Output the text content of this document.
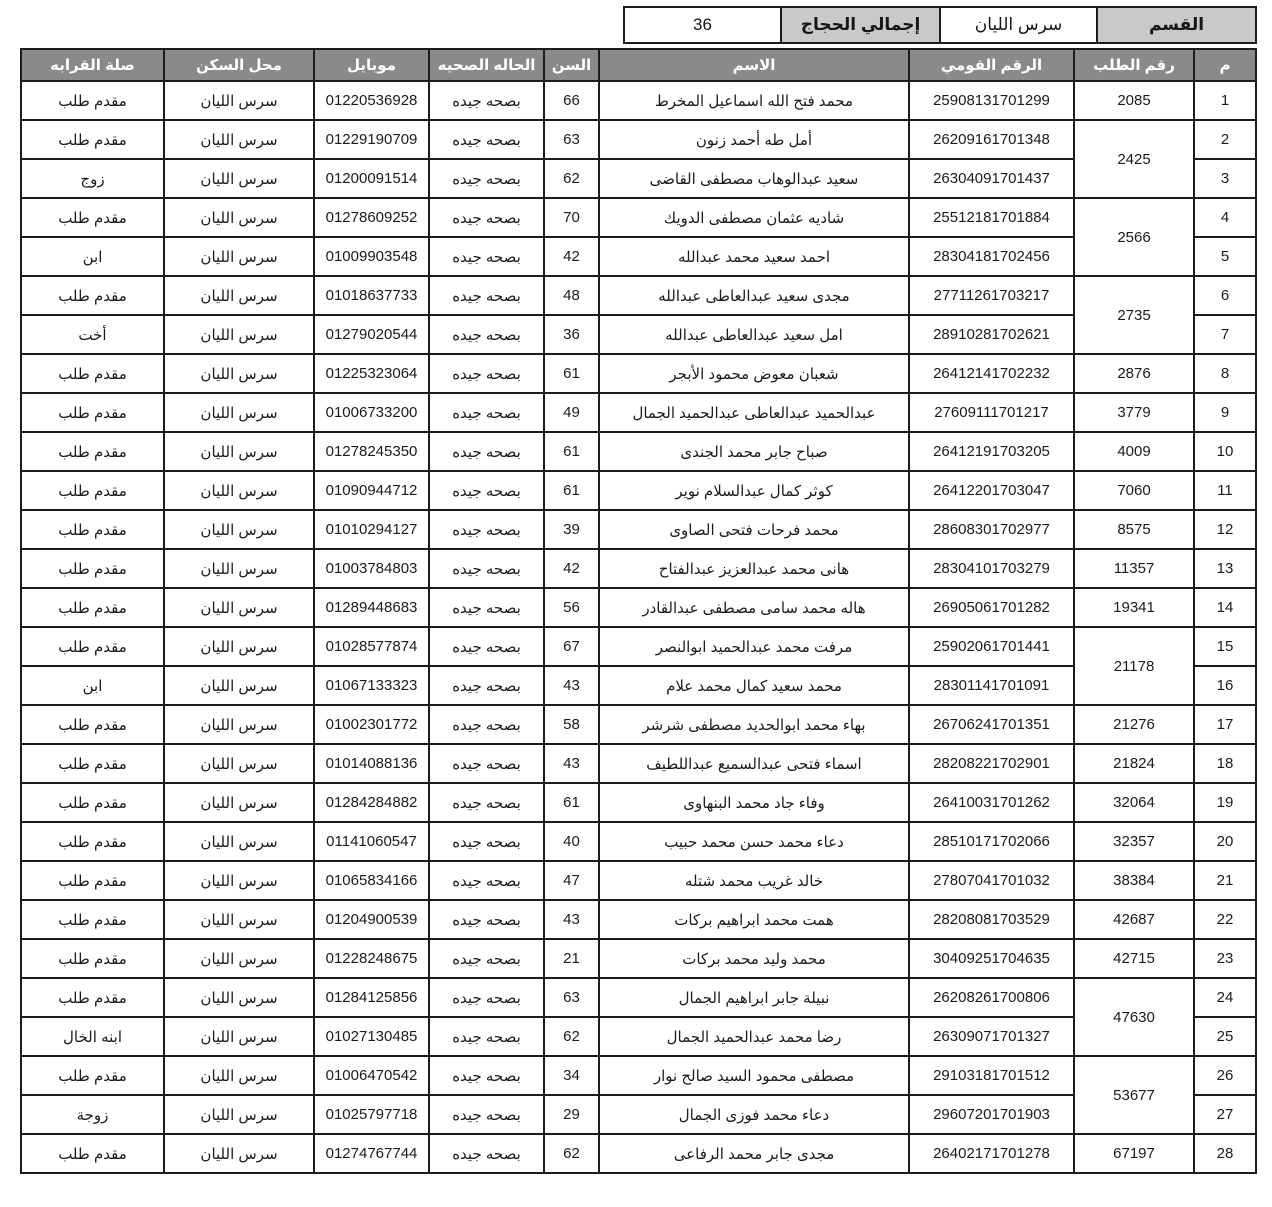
القسم
سرس الليان
إجمالي الحجاج
36
م	رقم الطلب	الرقم القومي	الاسم	السن	الحاله الصحيه	موبايل	محل السكن	صلة القرابه
1	2085	25908131701299	محمد فتح الله اسماعيل المخرط	66	بصحه جيده	01220536928	سرس الليان	مقدم طلب
2	2425	26209161701348	أمل طه أحمد زنون	63	بصحه جيده	01229190709	سرس الليان	مقدم طلب
3		26304091701437	سعيد عبدالوهاب مصطفى القاضى	62	بصحه جيده	01200091514	سرس الليان	زوج
4	2566	25512181701884	شاديه عثمان مصطفى الدويك	70	بصحه جيده	01278609252	سرس الليان	مقدم طلب
5		28304181702456	احمد سعيد محمد عبدالله	42	بصحه جيده	01009903548	سرس الليان	ابن
6	2735	27711261703217	مجدى سعيد عبدالعاطى عبدالله	48	بصحه جيده	01018637733	سرس الليان	مقدم طلب
7		28910281702621	امل سعيد عبدالعاطى عبدالله	36	بصحه جيده	01279020544	سرس الليان	أخت
8	2876	26412141702232	شعبان معوض محمود الأبجر	61	بصحه جيده	01225323064	سرس الليان	مقدم طلب
9	3779	27609111701217	عبدالحميد عبدالعاطى عبدالحميد الجمال	49	بصحه جيده	01006733200	سرس الليان	مقدم طلب
10	4009	26412191703205	صباح جابر محمد الجندى	61	بصحه جيده	01278245350	سرس الليان	مقدم طلب
11	7060	26412201703047	كوثر كمال عبدالسلام نوير	61	بصحه جيده	01090944712	سرس الليان	مقدم طلب
12	8575	28608301702977	محمد فرحات فتحى الصاوى	39	بصحه جيده	01010294127	سرس الليان	مقدم طلب
13	11357	28304101703279	هانى محمد عبدالعزيز عبدالفتاح	42	بصحه جيده	01003784803	سرس الليان	مقدم طلب
14	19341	26905061701282	هاله محمد سامى مصطفى عبدالقادر	56	بصحه جيده	01289448683	سرس الليان	مقدم طلب
15	21178	25902061701441	مرفت محمد عبدالحميد ابوالنصر	67	بصحه جيده	01028577874	سرس الليان	مقدم طلب
16		28301141701091	محمد سعيد كمال محمد علام	43	بصحه جيده	01067133323	سرس الليان	ابن
17	21276	26706241701351	بهاء محمد ابوالحديد مصطفى شرشر	58	بصحه جيده	01002301772	سرس الليان	مقدم طلب
18	21824	28208221702901	اسماء فتحى عبدالسميع عبداللطيف	43	بصحه جيده	01014088136	سرس الليان	مقدم طلب
19	32064	26410031701262	وفاء جاد محمد البنهاوى	61	بصحه جيده	01284284882	سرس الليان	مقدم طلب
20	32357	28510171702066	دعاء محمد حسن محمد حبيب	40	بصحه جيده	01141060547	سرس الليان	مقدم طلب
21	38384	27807041701032	خالد غريب محمد شتله	47	بصحه جيده	01065834166	سرس الليان	مقدم طلب
22	42687	28208081703529	همت محمد ابراهيم بركات	43	بصحه جيده	01204900539	سرس الليان	مقدم طلب
23	42715	30409251704635	محمد وليد محمد بركات	21	بصحه جيده	01228248675	سرس الليان	مقدم طلب
24	47630	26208261700806	نبيلة جابر ابراهيم الجمال	63	بصحه جيده	01284125856	سرس الليان	مقدم طلب
25		26309071701327	رضا محمد عبدالحميد الجمال	62	بصحه جيده	01027130485	سرس الليان	ابنه الخال
26	53677	29103181701512	مصطفى محمود السيد صالح نوار	34	بصحه جيده	01006470542	سرس الليان	مقدم طلب
27		29607201701903	دعاء محمد فوزى الجمال	29	بصحه جيده	01025797718	سرس الليان	زوجة
28	67197	26402171701278	مجدى جابر محمد الرفاعى	62	بصحه جيده	01274767744	سرس الليان	مقدم طلب
